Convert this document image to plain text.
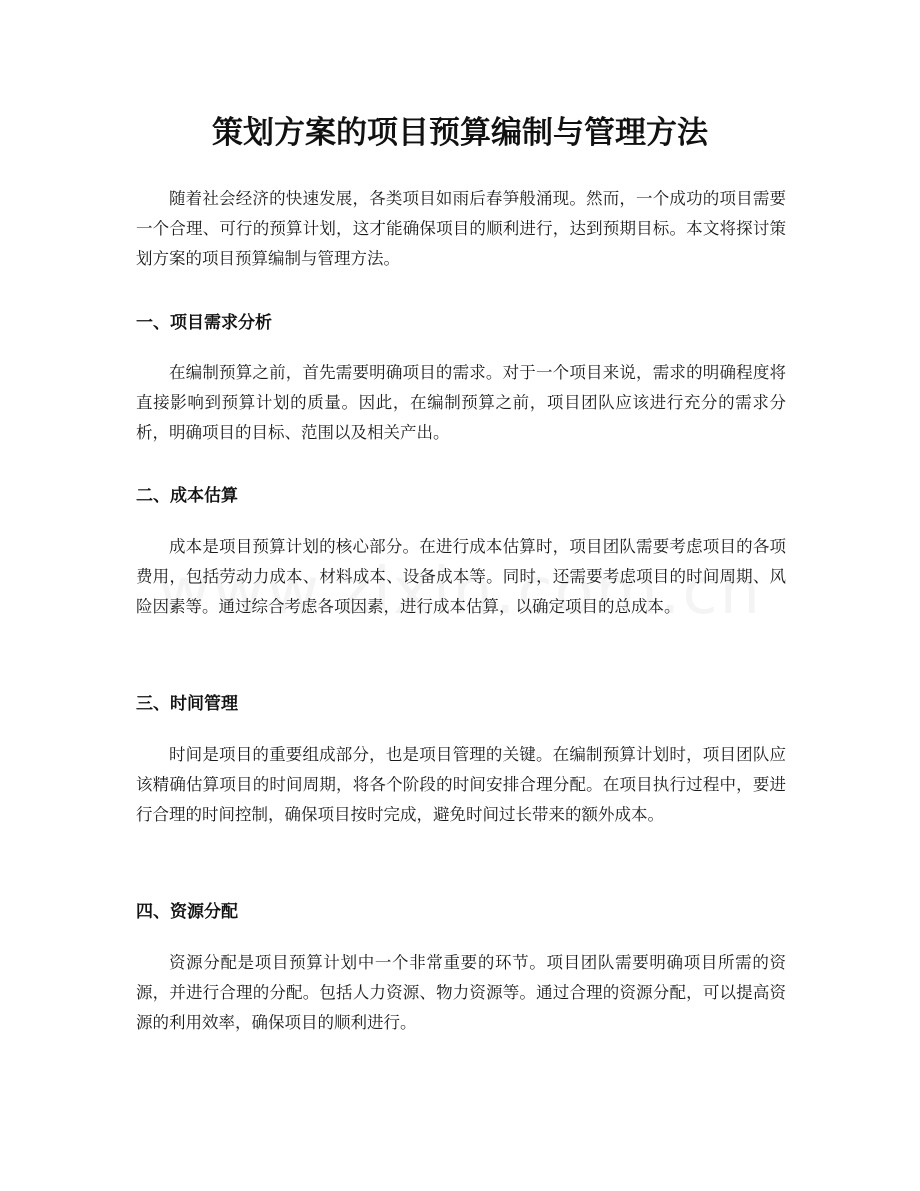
策划方案的项目预算编制与管理方法

随着社会经济的快速发展，各类项目如雨后春笋般涌现。然而，一个成功的项目需要一个合理、可行的预算计划，这才能确保项目的顺利进行，达到预期目标。本文将探讨策划方案的项目预算编制与管理方法。

一、项目需求分析

在编制预算之前，首先需要明确项目的需求。对于一个项目来说，需求的明确程度将直接影响到预算计划的质量。因此，在编制预算之前，项目团队应该进行充分的需求分析，明确项目的目标、范围以及相关产出。

二、成本估算

成本是项目预算计划的核心部分。在进行成本估算时，项目团队需要考虑项目的各项费用，包括劳动力成本、材料成本、设备成本等。同时，还需要考虑项目的时间周期、风险因素等。通过综合考虑各项因素，进行成本估算，以确定项目的总成本。

三、时间管理

时间是项目的重要组成部分，也是项目管理的关键。在编制预算计划时，项目团队应该精确估算项目的时间周期，将各个阶段的时间安排合理分配。在项目执行过程中，要进行合理的时间控制，确保项目按时完成，避免时间过长带来的额外成本。

四、资源分配

资源分配是项目预算计划中一个非常重要的环节。项目团队需要明确项目所需的资源，并进行合理的分配。包括人力资源、物力资源等。通过合理的资源分配，可以提高资源的利用效率，确保项目的顺利进行。
